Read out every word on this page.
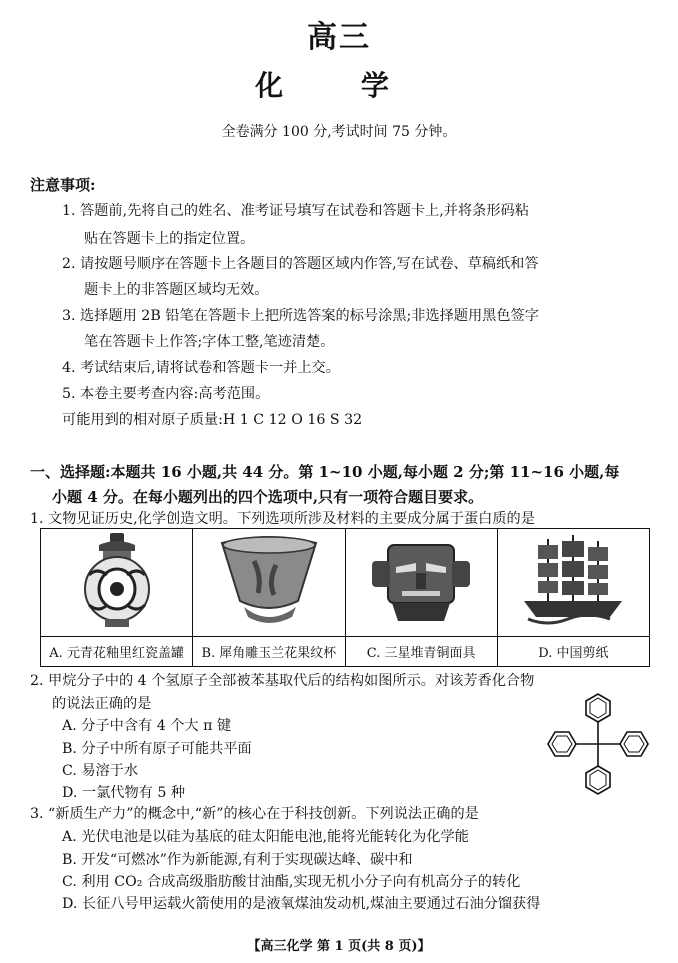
高三
化 学
全卷满分 100 分,考试时间 75 分钟。
注意事项:
1. 答题前,先将自己的姓名、准考证号填写在试卷和答题卡上,并将条形码粘
贴在答题卡上的指定位置。
2. 请按题号顺序在答题卡上各题目的答题区域内作答,写在试卷、草稿纸和答
题卡上的非答题区域均无效。
3. 选择题用 2B 铅笔在答题卡上把所选答案的标号涂黑;非选择题用黑色签字
笔在答题卡上作答;字体工整,笔迹清楚。
4. 考试结束后,请将试卷和答题卡一并上交。
5. 本卷主要考查内容:高考范围。
可能用到的相对原子质量:H 1 C 12 O 16 S 32
一、选择题:本题共 16 小题,共 44 分。第 1~10 小题,每小题 2 分;第 11~16 小题,每
小题 4 分。在每小题列出的四个选项中,只有一项符合题目要求。
1. 文物见证历史,化学创造文明。下列选项所涉及材料的主要成分属于蛋白质的是

A. 元青花釉里红瓷盖罐	B. 犀角雕玉兰花果纹杯	C. 三星堆青铜面具	D. 中国剪纸
2. 甲烷分子中的 4 个氢原子全部被苯基取代后的结构如图所示。对该芳香化合物
的说法正确的是
A. 分子中含有 4 个大 π 键
B. 分子中所有原子可能共平面
C. 易溶于水
D. 一氯代物有 5 种
3. “新质生产力”的概念中,“新”的核心在于科技创新。下列说法正确的是
A. 光伏电池是以硅为基底的硅太阳能电池,能将光能转化为化学能
B. 开发“可燃冰”作为新能源,有利于实现碳达峰、碳中和
C. 利用 CO₂ 合成高级脂肪酸甘油酯,实现无机小分子向有机高分子的转化
D. 长征八号甲运载火箭使用的是液氧煤油发动机,煤油主要通过石油分馏获得
【高三化学 第 1 页(共 8 页)】
